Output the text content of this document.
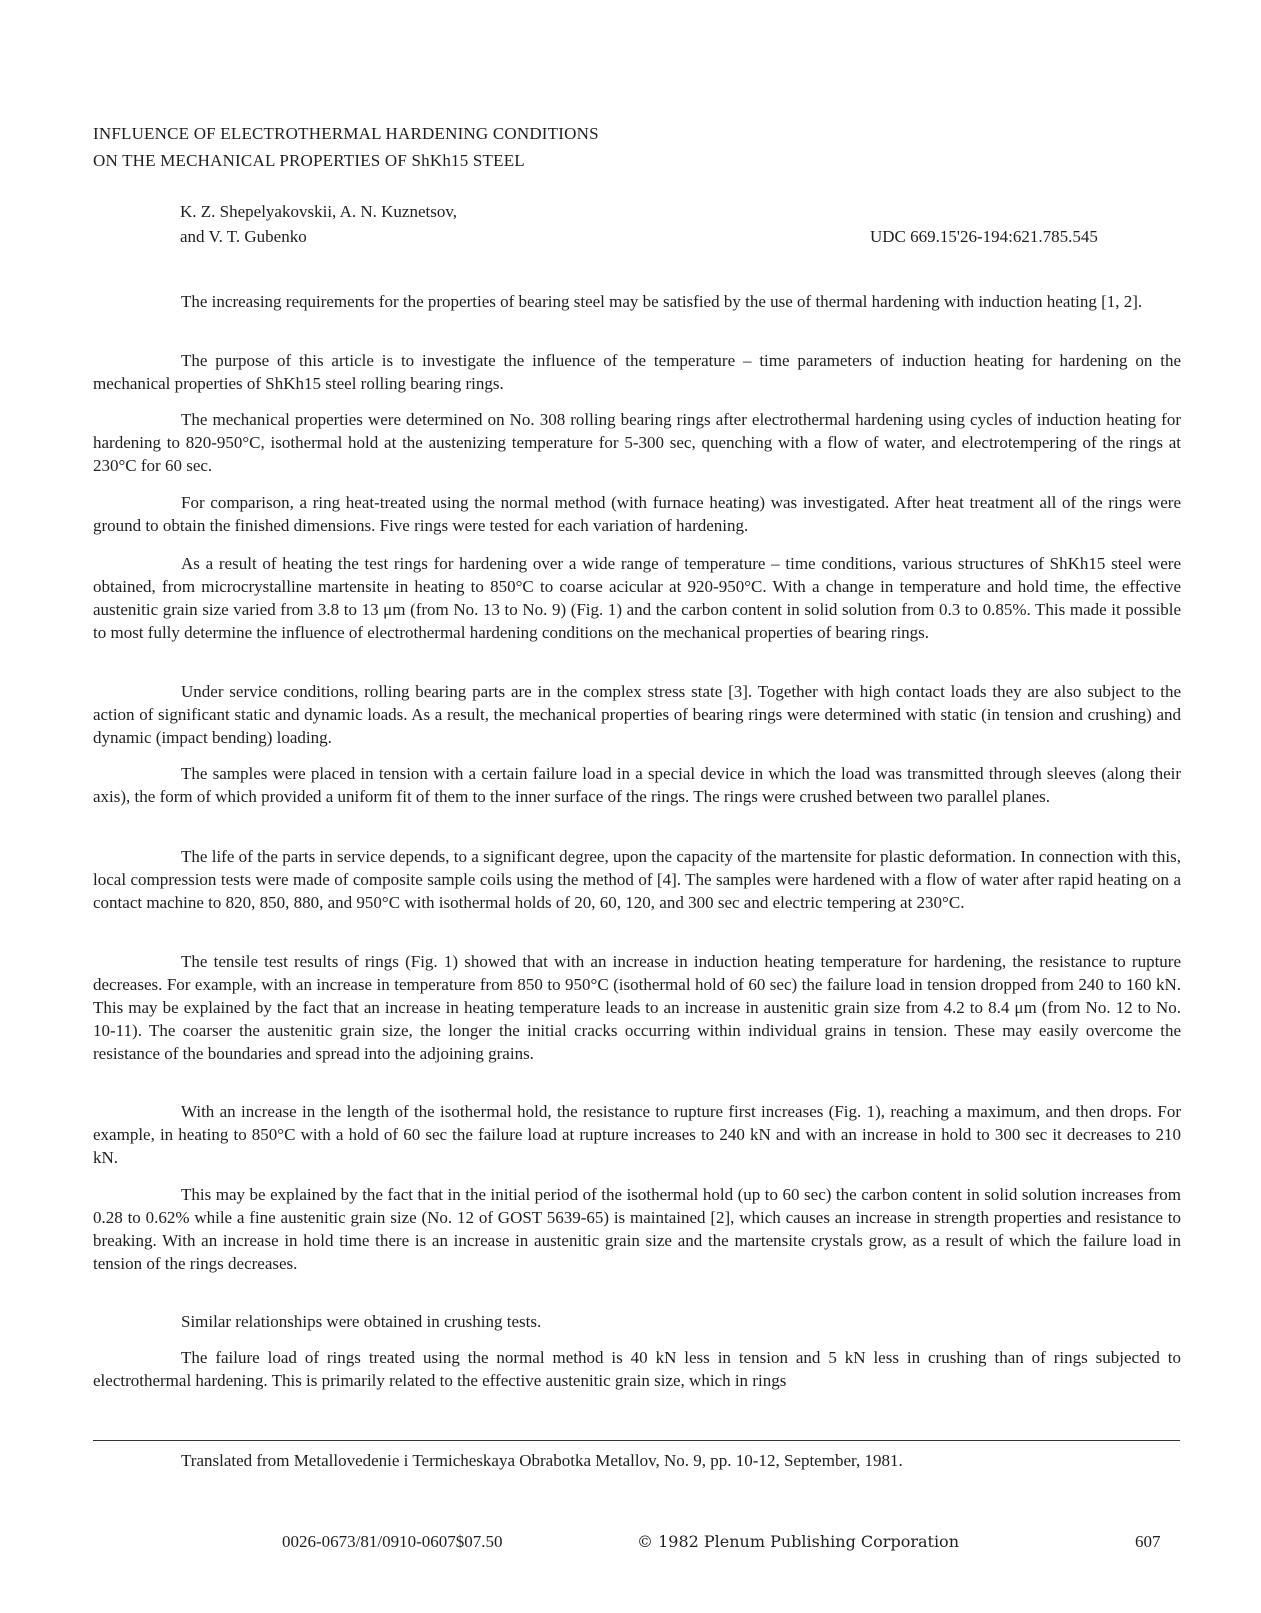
INFLUENCE OF ELECTROTHERMAL HARDENING CONDITIONS
ON THE MECHANICAL PROPERTIES OF ShKh15 STEEL
K. Z. Shepelyakovskii, A. N. Kuznetsov,
and V. T. Gubenko	UDC 669.15'26-194:621.785.545

The increasing requirements for the properties of bearing steel may be satisfied by the use of thermal hardening with induction heating [1, 2].

The purpose of this article is to investigate the influence of the temperature – time parameters of induction heating for hardening on the mechanical properties of ShKh15 steel rolling bearing rings.

The mechanical properties were determined on No. 308 rolling bearing rings after electrothermal hardening using cycles of induction heating for hardening to 820-950°C, isothermal hold at the austenizing temperature for 5-300 sec, quenching with a flow of water, and electrotempering of the rings at 230°C for 60 sec.

For comparison, a ring heat-treated using the normal method (with furnace heating) was investigated. After heat treatment all of the rings were ground to obtain the finished dimensions. Five rings were tested for each variation of hardening.

As a result of heating the test rings for hardening over a wide range of temperature – time conditions, various structures of ShKh15 steel were obtained, from microcrystalline martensite in heating to 850°C to coarse acicular at 920-950°C. With a change in temperature and hold time, the effective austenitic grain size varied from 3.8 to 13 μm (from No. 13 to No. 9) (Fig. 1) and the carbon content in solid solution from 0.3 to 0.85%. This made it possible to most fully determine the influence of electrothermal hardening conditions on the mechanical properties of bearing rings.

Under service conditions, rolling bearing parts are in the complex stress state [3]. Together with high contact loads they are also subject to the action of significant static and dynamic loads. As a result, the mechanical properties of bearing rings were determined with static (in tension and crushing) and dynamic (impact bending) loading.

The samples were placed in tension with a certain failure load in a special device in which the load was transmitted through sleeves (along their axis), the form of which provided a uniform fit of them to the inner surface of the rings. The rings were crushed between two parallel planes.

The life of the parts in service depends, to a significant degree, upon the capacity of the martensite for plastic deformation. In connection with this, local compression tests were made of composite sample coils using the method of [4]. The samples were hardened with a flow of water after rapid heating on a contact machine to 820, 850, 880, and 950°C with isothermal holds of 20, 60, 120, and 300 sec and electric tempering at 230°C.

The tensile test results of rings (Fig. 1) showed that with an increase in induction heating temperature for hardening, the resistance to rupture decreases. For example, with an increase in temperature from 850 to 950°C (isothermal hold of 60 sec) the failure load in tension dropped from 240 to 160 kN. This may be explained by the fact that an increase in heating temperature leads to an increase in austenitic grain size from 4.2 to 8.4 μm (from No. 12 to No. 10-11). The coarser the austenitic grain size, the longer the initial cracks occurring within individual grains in tension. These may easily overcome the resistance of the boundaries and spread into the adjoining grains.

With an increase in the length of the isothermal hold, the resistance to rupture first increases (Fig. 1), reaching a maximum, and then drops. For example, in heating to 850°C with a hold of 60 sec the failure load at rupture increases to 240 kN and with an increase in hold to 300 sec it decreases to 210 kN.

This may be explained by the fact that in the initial period of the isothermal hold (up to 60 sec) the carbon content in solid solution increases from 0.28 to 0.62% while a fine austenitic grain size (No. 12 of GOST 5639-65) is maintained [2], which causes an increase in strength properties and resistance to breaking. With an increase in hold time there is an increase in austenitic grain size and the martensite crystals grow, as a result of which the failure load in tension of the rings decreases.

Similar relationships were obtained in crushing tests.

The failure load of rings treated using the normal method is 40 kN less in tension and 5 kN less in crushing than of rings subjected to electrothermal hardening. This is primarily related to the effective austenitic grain size, which in rings

Translated from Metallovedenie i Termicheskaya Obrabotka Metallov, No. 9, pp. 10-12, September, 1981.
0026-0673/81/0910-0607$07.50	© 1982 Plenum Publishing Corporation	607
